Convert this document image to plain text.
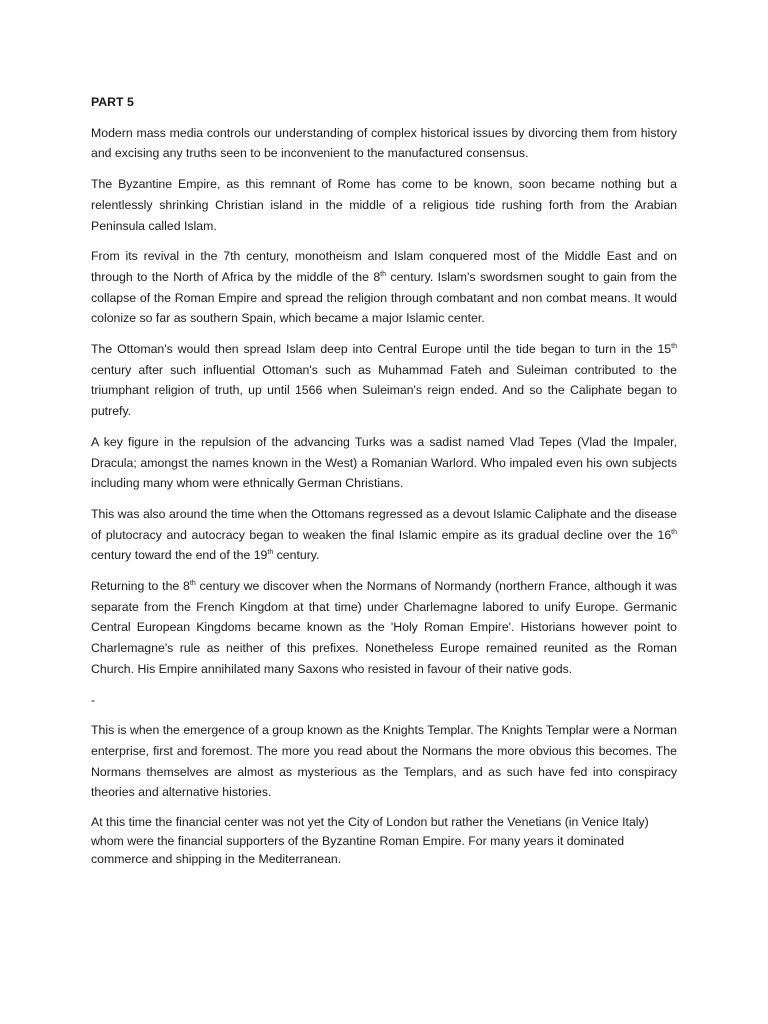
PART 5

Modern mass media controls our understanding of complex historical issues by divorcing them from history and excising any truths seen to be inconvenient to the manufactured consensus.

The Byzantine Empire, as this remnant of Rome has come to be known, soon became nothing but a relentlessly shrinking Christian island in the middle of a religious tide rushing forth from the Arabian Peninsula called Islam.

From its revival in the 7th century, monotheism and Islam conquered most of the Middle East and on through to the North of Africa by the middle of the 8th century. Islam's swordsmen sought to gain from the collapse of the Roman Empire and spread the religion through combatant and non combat means. It would colonize so far as southern Spain, which became a major Islamic center.

The Ottoman's would then spread Islam deep into Central Europe until the tide began to turn in the 15th century after such influential Ottoman's such as Muhammad Fateh and Suleiman contributed to the triumphant religion of truth, up until 1566 when Suleiman's reign ended. And so the Caliphate began to putrefy.

A key figure in the repulsion of the advancing Turks was a sadist named Vlad Tepes (Vlad the Impaler, Dracula; amongst the names known in the West) a Romanian Warlord. Who impaled even his own subjects including many whom were ethnically German Christians.

This was also around the time when the Ottomans regressed as a devout Islamic Caliphate and the disease of plutocracy and autocracy began to weaken the final Islamic empire as its gradual decline over the 16th century toward the end of the 19th century.

Returning to the 8th century we discover when the Normans of Normandy (northern France, although it was separate from the French Kingdom at that time) under Charlemagne labored to unify Europe. Germanic Central European Kingdoms became known as the 'Holy Roman Empire'. Historians however point to Charlemagne's rule as neither of this prefixes. Nonetheless Europe remained reunited as the Roman Church. His Empire annihilated many Saxons who resisted in favour of their native gods.

-

This is when the emergence of a group known as the Knights Templar. The Knights Templar were a Norman enterprise, first and foremost. The more you read about the Normans the more obvious this becomes. The Normans themselves are almost as mysterious as the Templars, and as such have fed into conspiracy theories and alternative histories.

At this time the financial center was not yet the City of London but rather the Venetians (in Venice Italy) whom were the financial supporters of the Byzantine Roman Empire. For many years it dominated commerce and shipping in the Mediterranean.
